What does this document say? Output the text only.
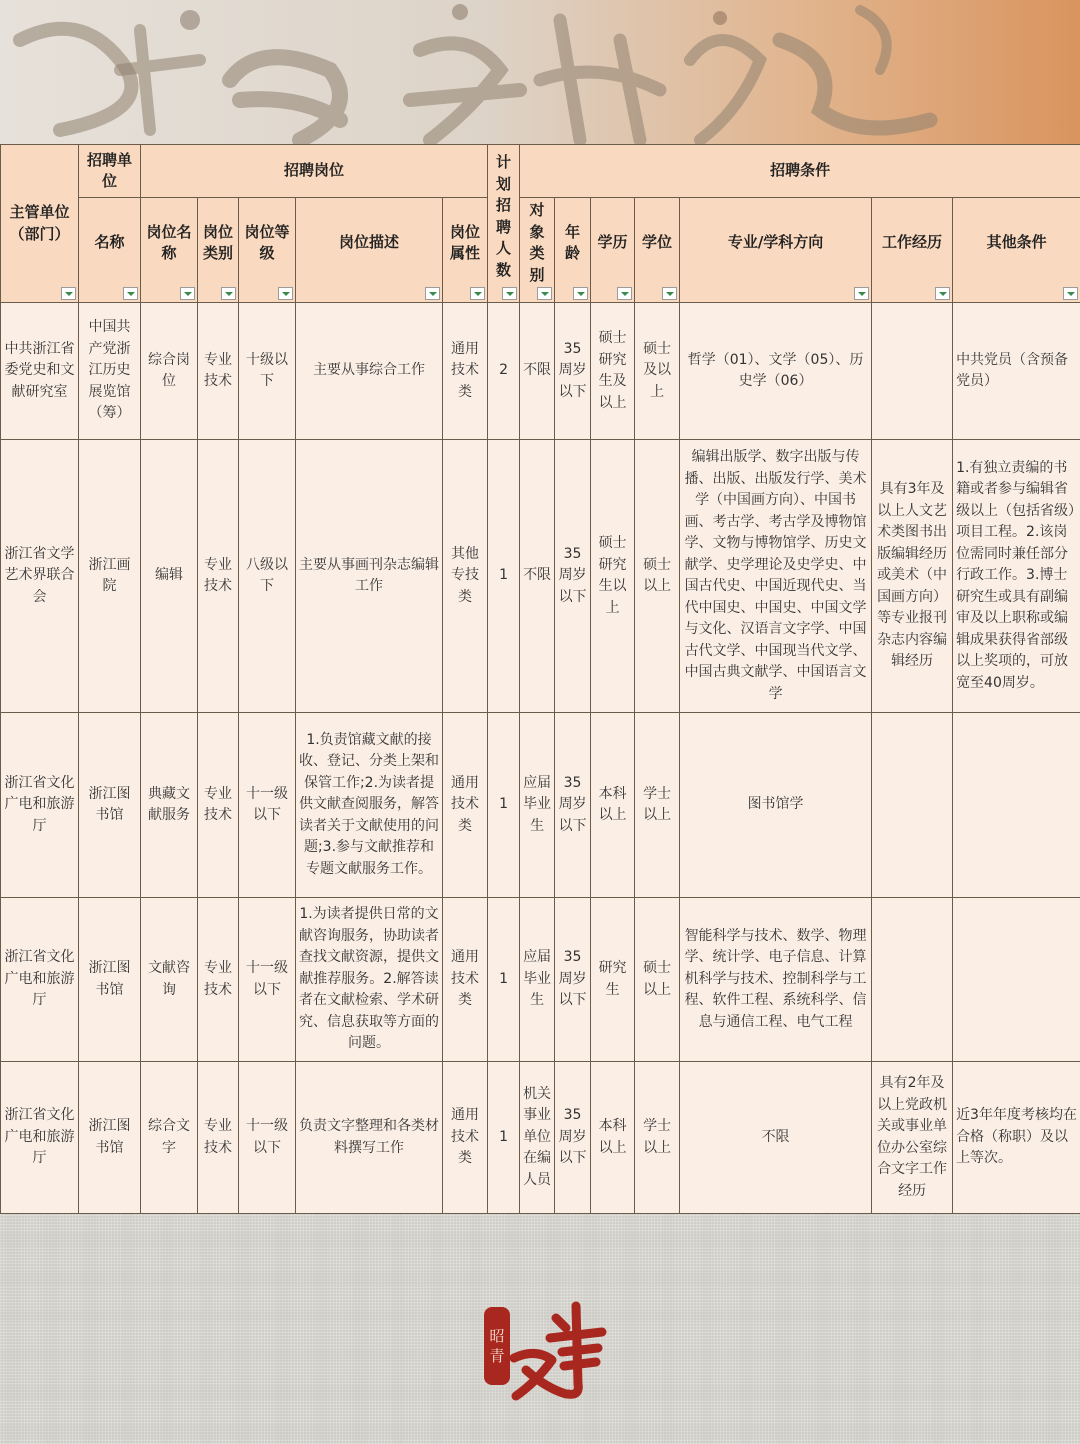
主管单位（部门）	招聘单位	招聘岗位					计划招聘人数	招聘条件						
	名称	岗位名称	岗位类别	岗位等级	岗位描述	岗位属性		对象类别	年龄	学历	学位	专业/学科方向	工作经历	其他条件

中共浙江省委党史和文献研究室	中国共产党浙江历史展览馆（筹）	综合岗位	专业技术	十级以下	主要从事综合工作	通用技术类	2	不限	35周岁以下	硕士研究生及以上	硕士及以上	哲学（01）、文学（05）、历史学（06）		中共党员（含预备党员）
浙江省文学艺术界联合会	浙江画院	编辑	专业技术	八级以下	主要从事画刊杂志编辑工作	其他专技类	1	不限	35周岁以下	硕士研究生以上	硕士以上	编辑出版学、数字出版与传播、出版、出版发行学、美术学（中国画方向）、中国书画、考古学、考古学及博物馆学、文物与博物馆学、历史文献学、史学理论及史学史、中国古代史、中国近现代史、当代中国史、中国史、中国文学与文化、汉语言文字学、中国古代文学、中国现当代文学、中国古典文献学、中国语言文学	具有3年及以上人文艺术类图书出版编辑经历或美术（中国画方向）等专业报刊杂志内容编辑经历	1.有独立责编的书籍或者参与编辑省级以上（包括省级）项目工程。2.该岗位需同时兼任部分行政工作。3.博士研究生或具有副编审及以上职称或编辑成果获得省部级以上奖项的，可放宽至40周岁。
浙江省文化广电和旅游厅	浙江图书馆	典藏文献服务	专业技术	十一级以下	1.负责馆藏文献的接收、登记、分类上架和保管工作;2.为读者提供文献查阅服务，解答读者关于文献使用的问题;3.参与文献推荐和专题文献服务工作。	通用技术类	1	应届毕业生	35周岁以下	本科以上	学士以上	图书馆学		
浙江省文化广电和旅游厅	浙江图书馆	文献咨询	专业技术	十一级以下	1.为读者提供日常的文献咨询服务，协助读者查找文献资源，提供文献推荐服务。2.解答读者在文献检索、学术研究、信息获取等方面的问题。	通用技术类	1	应届毕业生	35周岁以下	研究生	硕士以上	智能科学与技术、数学、物理学、统计学、电子信息、计算机科学与技术、控制科学与工程、软件工程、系统科学、信息与通信工程、电气工程		
浙江省文化广电和旅游厅	浙江图书馆	综合文字	专业技术	十一级以下	负责文字整理和各类材料撰写工作	通用技术类	1	机关事业单位在编人员	35周岁以下	本科以上	学士以上	不限	具有2年及以上党政机关或事业单位办公室综合文字工作经历	近3年年度考核均在合格（称职）及以上等次。
昭
青
